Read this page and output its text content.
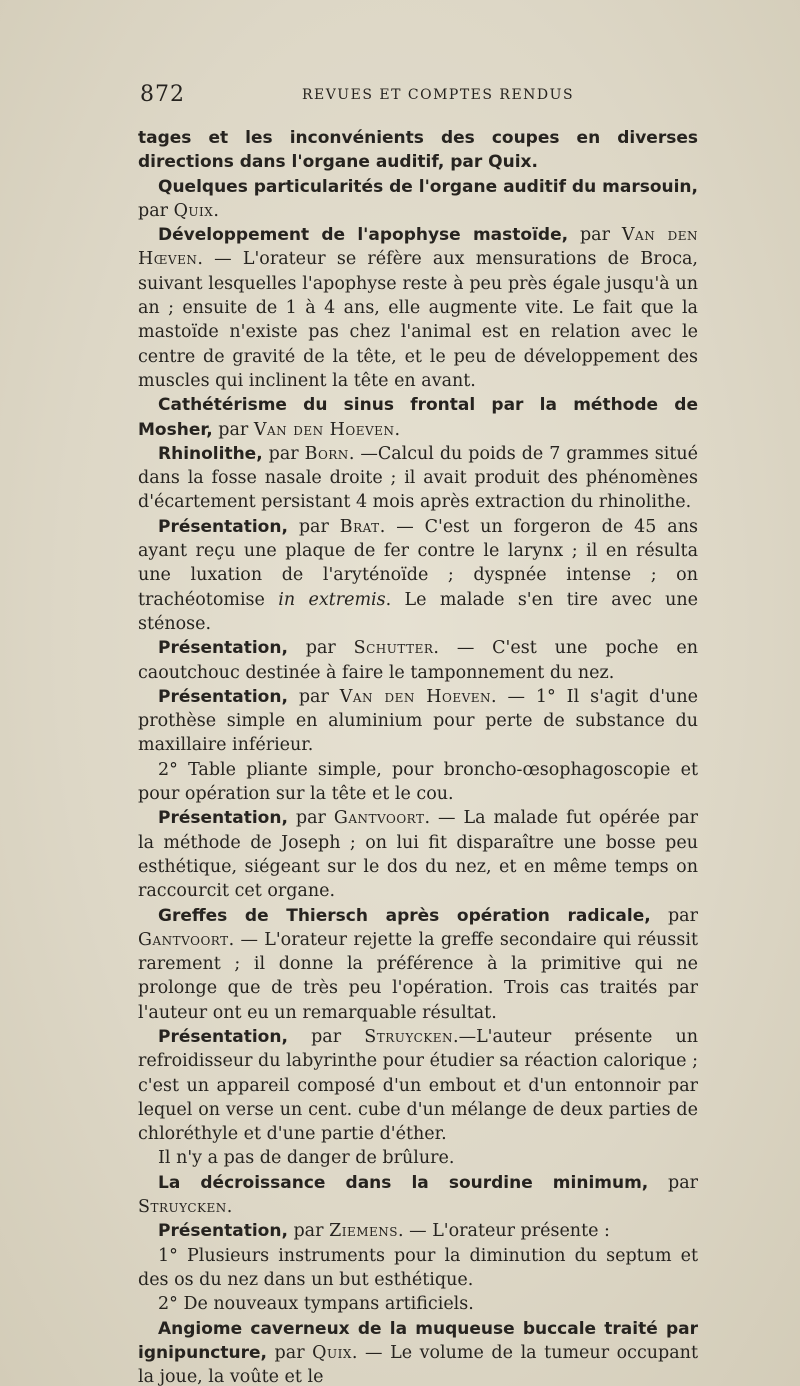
872	REVUES ET COMPTES RENDUS

tages et les inconvénients des coupes en diverses directions dans l'organe auditif, par Quix.

Quelques particularités de l'organe auditif du marsouin, par Quix.

Développement de l'apophyse mastoïde, par Van den Hœven. — L'orateur se réfère aux mensurations de Broca, suivant lesquelles l'apophyse reste à peu près égale jusqu'à un an ; ensuite de 1 à 4 ans, elle augmente vite. Le fait que la mastoïde n'existe pas chez l'animal est en relation avec le centre de gravité de la tête, et le peu de développement des muscles qui inclinent la tête en avant.

Cathétérisme du sinus frontal par la méthode de Mosher, par Van den Hoeven.

Rhinolithe, par Born. —Calcul du poids de 7 grammes situé dans la fosse nasale droite ; il avait produit des phénomènes d'écartement persistant 4 mois après extraction du rhinolithe.

Présentation, par Brat. — C'est un forgeron de 45 ans ayant reçu une plaque de fer contre le larynx ; il en résulta une luxation de l'aryténoïde ; dyspnée intense ; on trachéotomise in extremis. Le malade s'en tire avec une sténose.

Présentation, par Schutter. — C'est une poche en caoutchouc destinée à faire le tamponnement du nez.

Présentation, par Van den Hoeven. — 1° Il s'agit d'une prothèse simple en aluminium pour perte de substance du maxillaire inférieur.

2° Table pliante simple, pour broncho-œsophagoscopie et pour opération sur la tête et le cou.

Présentation, par Gantvoort. — La malade fut opérée par la méthode de Joseph ; on lui fit disparaître une bosse peu esthétique, siégeant sur le dos du nez, et en même temps on raccourcit cet organe.

Greffes de Thiersch après opération radicale, par Gantvoort. — L'orateur rejette la greffe secondaire qui réussit rarement ; il donne la préférence à la primitive qui ne prolonge que de très peu l'opération. Trois cas traités par l'auteur ont eu un remarquable résultat.

Présentation, par Struycken.—L'auteur présente un refroidisseur du labyrinthe pour étudier sa réaction calorique ; c'est un appareil composé d'un embout et d'un entonnoir par lequel on verse un cent. cube d'un mélange de deux parties de chloréthyle et d'une partie d'éther.

Il n'y a pas de danger de brûlure.

La décroissance dans la sourdine minimum, par Struycken.

Présentation, par Ziemens. — L'orateur présente :

1° Plusieurs instruments pour la diminution du septum et des os du nez dans un but esthétique.

2° De nouveaux tympans artificiels.

Angiome caverneux de la muqueuse buccale traité par ignipuncture, par Quix. — Le volume de la tumeur occupant la joue, la voûte et le
